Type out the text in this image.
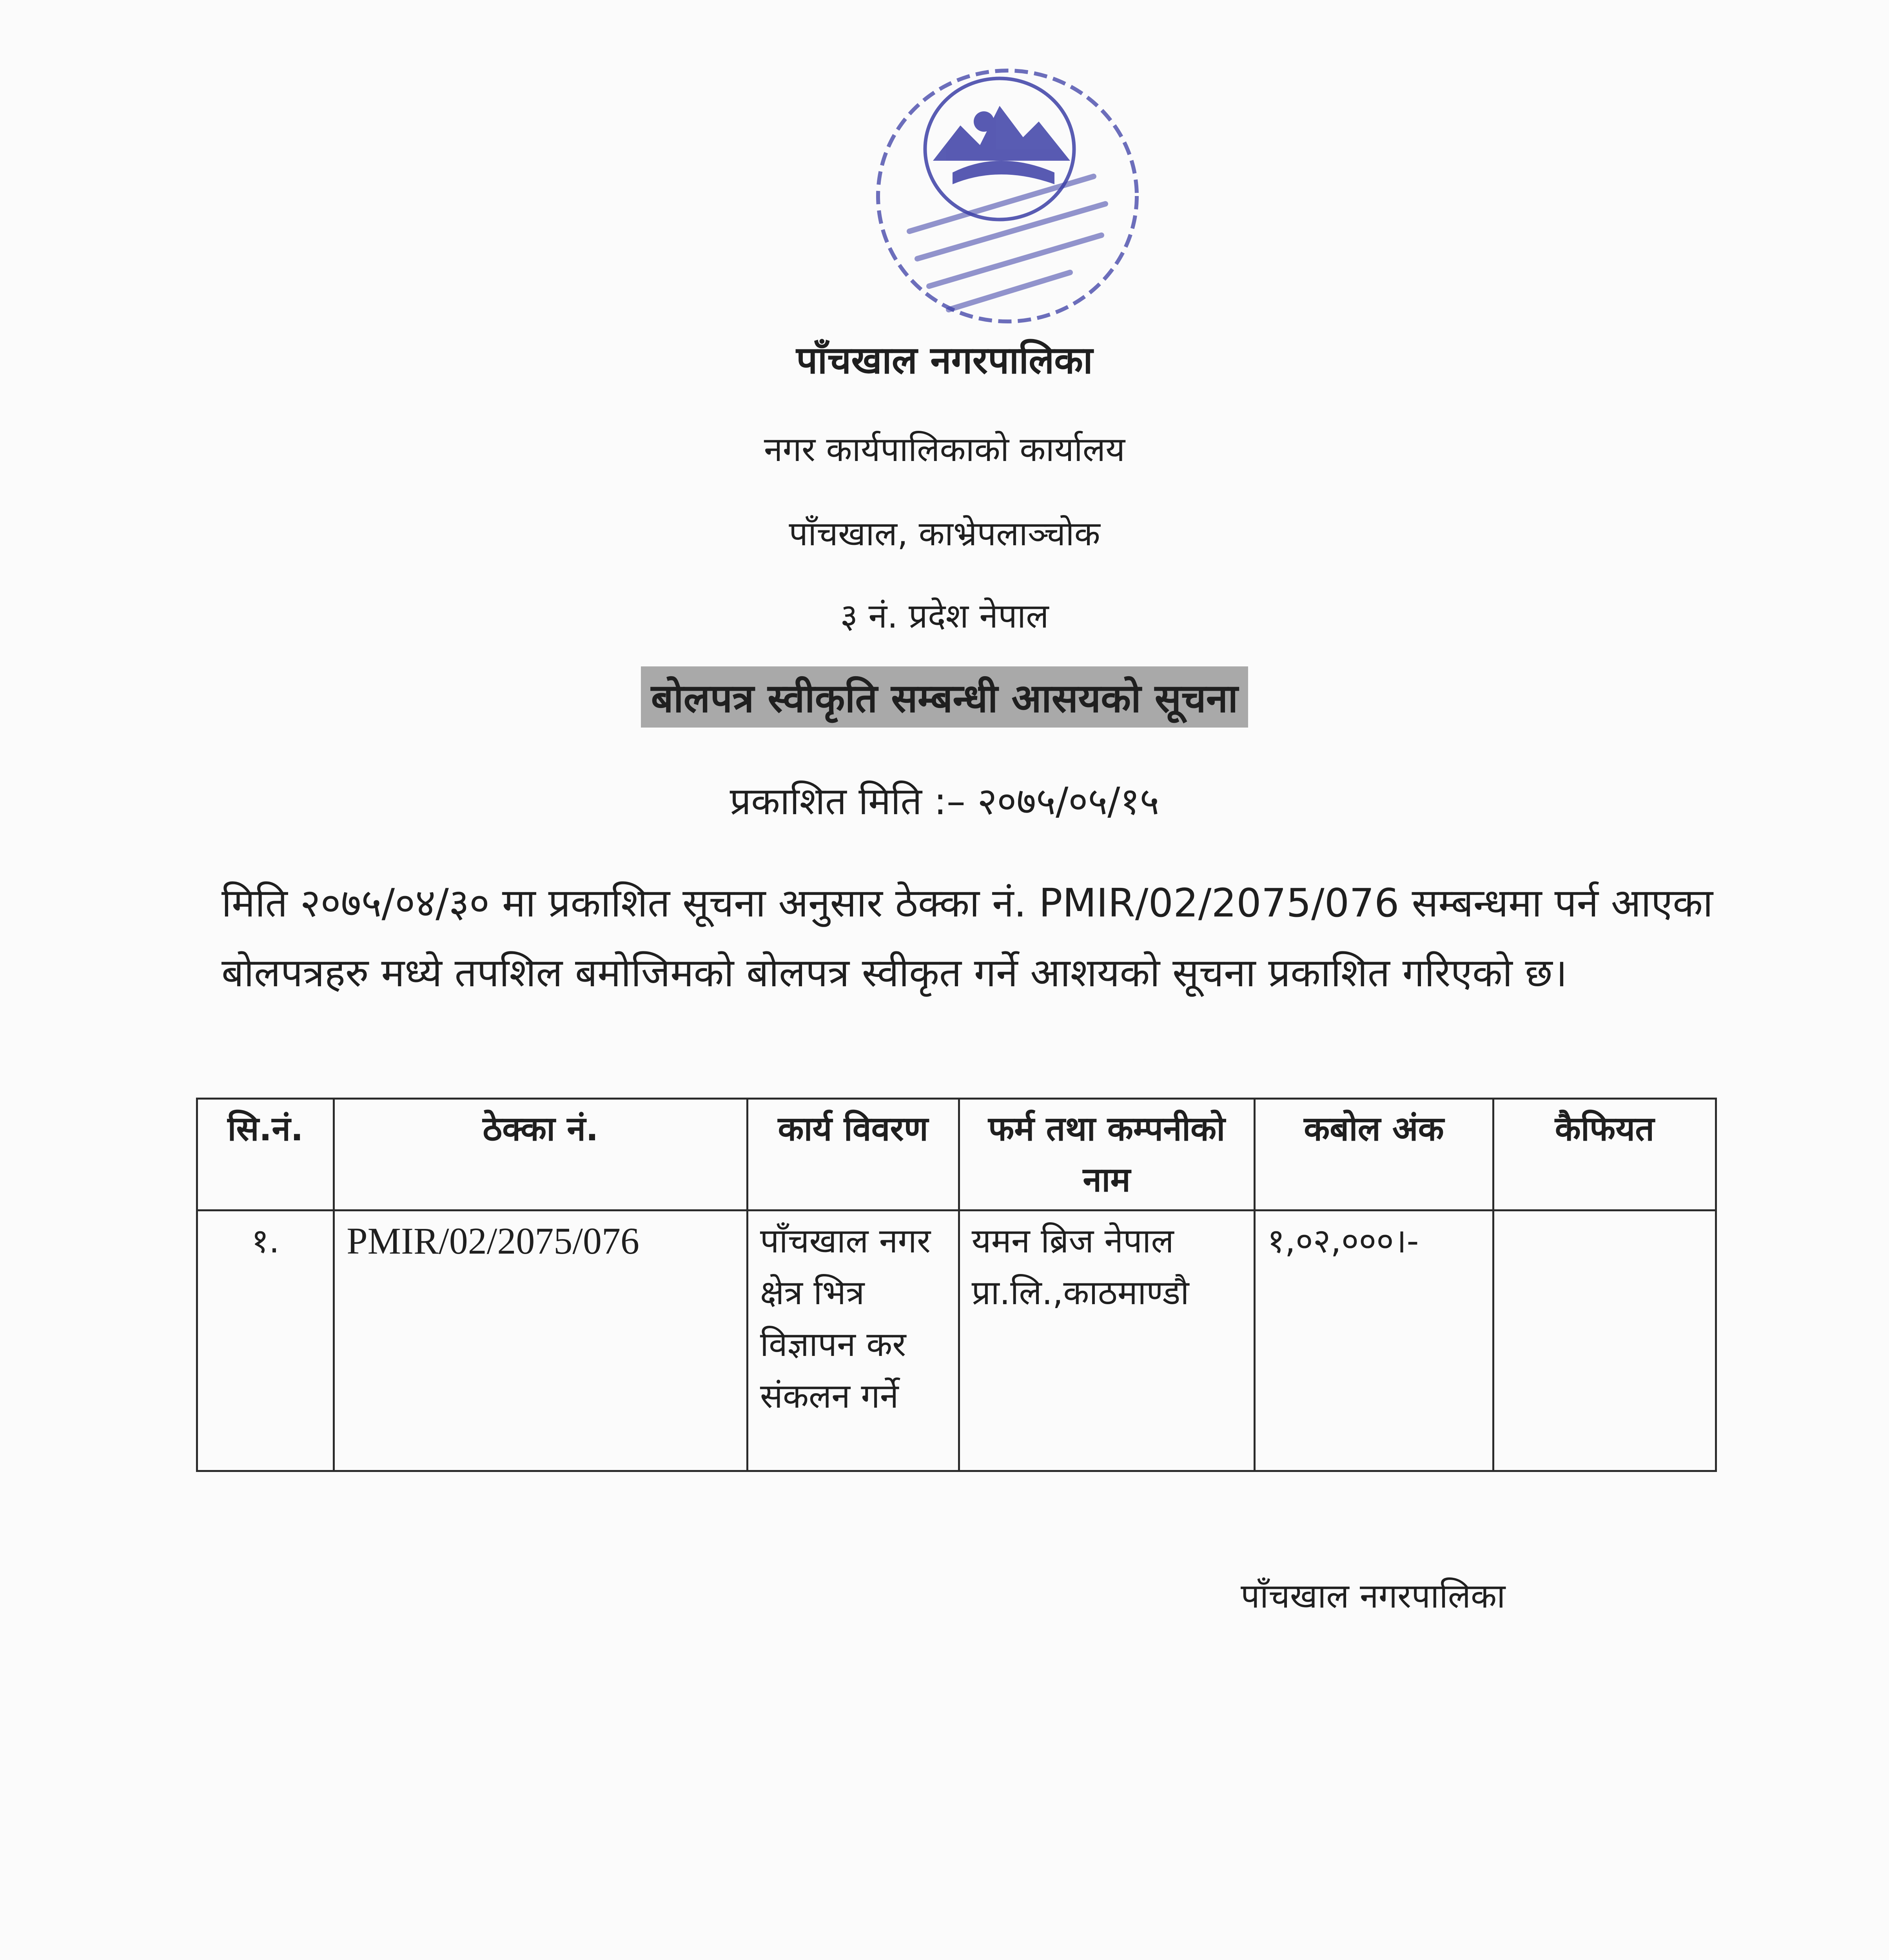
पाँचखाल नगरपालिका
नगर कार्यपालिकाको कार्यालय
पाँचखाल, काभ्रेपलाञ्चोक
३ नं. प्रदेश नेपाल
बोलपत्र स्वीकृति सम्बन्धी आसयको सूचना
प्रकाशित मिति :– २०७५/०५/१५
मिति २०७५/०४/३० मा प्रकाशित सूचना अनुसार ठेक्का नं. PMIR/02/2075/076 सम्बन्धमा पर्न आएका बोलपत्रहरु मध्ये तपशिल बमोजिमको बोलपत्र स्वीकृत गर्ने आशयको सूचना प्रकाशित गरिएको छ।
सि.नं.	ठेक्का नं.	कार्य विवरण	फर्म तथा कम्पनीको नाम	कबोल अंक	कैफियत
१.	PMIR/02/2075/076	पाँचखाल नगर क्षेत्र भित्र विज्ञापन कर संकलन गर्ने	यमन ब्रिज नेपाल प्रा.लि.,काठमाण्डौ	१,०२,०००।-	
पाँचखाल नगरपालिका
